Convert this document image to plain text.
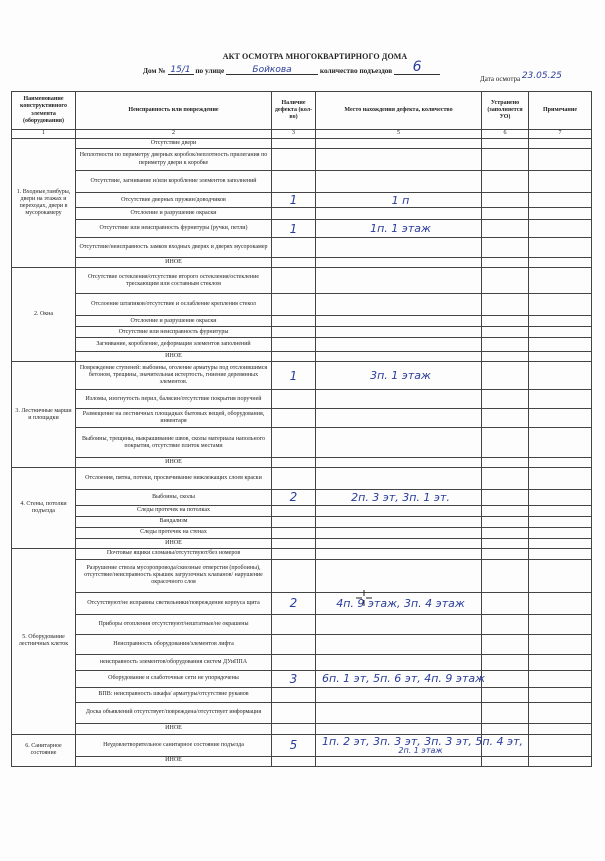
АКТ ОСМОТРА МНОГОКВАРТИРНОГО ДОМА
Дом № 15/1 по улице	Бойкова	количество подъездов 6
Дата осмотра 23.05.25
Наименование конструктивного элемента (оборудования)	Неисправность или повреждение	Наличие дефекта (кол-во)	Место нахождения дефекта, количество	Устранено (заполняется УО)	Примечание
1	2	3	5	6	7
1. Входные,тамбуры, двери на этажах и переходах, двери в мусорокамеру	Отсутствие двери				
	Неплотности по периметру дверных коробок/неплотность прилегания по периметру двери к коробке				
	Отсутствие, загнивание и/или коробление элементов заполнений				
	Отсутствие дверных пружин/доводчиков	1	1 п		
	Отслоение и разрушение окраски				
	Отсутствие или неисправность фурнитуры (ручки, петли)	1	1п. 1 этаж		
	Отсутствие/неисправность замков входных дверях и дверях мусорокамер				
	ИНОЕ				
2. Окна	Отсутствие остекления/отсутствие второго остекления/остекление трескающим или составным стеклом				
	Отслоение штапиков/отсутствие и ослабление крепления стекол				
	Отслоение и разрушение окраски				
	Отсутствие или неисправность фурнитуры				
	Загнивание, коробление, деформация элементов заполнений				
	ИНОЕ				
3. Лестничные марши и площадки	Повреждение ступеней: выбоины, оголение арматуры под отслоившимся бетоном, трещины, значительная истертость, гниение деревянных элементов.	1	3п. 1 этаж		
	Изломы, изогнутость перил, балясин/отсутствие покрытия поручней				
	Размещение на лестничных площадках бытовых вещей, оборудования, инвентаря				
	Выбоины, трещины, выкрашивание швов, сколы материала напольного покрытия, отсутствие плиток местами				
	ИНОЕ				
4. Стены, потолки подъезда	Отслоения, пятна, потеки, просвечивание нижлежащих слоев краски				
	Выбоины, сколы	2	2п. 3 эт, 3п. 1 эт.		
	Следы протечек на потолках				
	Вандализм				
	Следы протечек на стенах				
	ИНОЕ				
5. Оборудование лестничных клеток	Почтовые ящики сломаны/отсутствуют/без номеров				
	Разрушение ствола мусоропровода/сквозные отверстия (пробоины), отсутствие/неисправность крышек загрузочных клапанов/ нарушение окрасочного слоя				
	Отсутствуют/не исправны светильники/повреждение корпуса щита	2	4п. 9 этаж, 3п. 4 этаж		
	Приборы отопления отсутствуют/нештатные/не окрашены				
	Неисправность оборудования/элементов лифта				
	неисправность элементов/оборудования систем ДУиППА				
	Оборудование и слаботочные сети не упорядочены	3	6п. 1 эт, 5п. 6 эт, 4п. 9 этаж		
	ВПВ: неисправность шкафа/ арматуры/отсутствие рукавов				
	Доска объявлений отсутствует/повреждена/отсутствует информация				
	ИНОЕ				
6. Санитарное состояние	Неудовлетворительное санитарное состояние подъезда	5	1п. 2 эт, 3п. 3 эт, 3п. 3 эт, 5п. 4 эт,
2п. 1 этаж		

	ИНОЕ				
